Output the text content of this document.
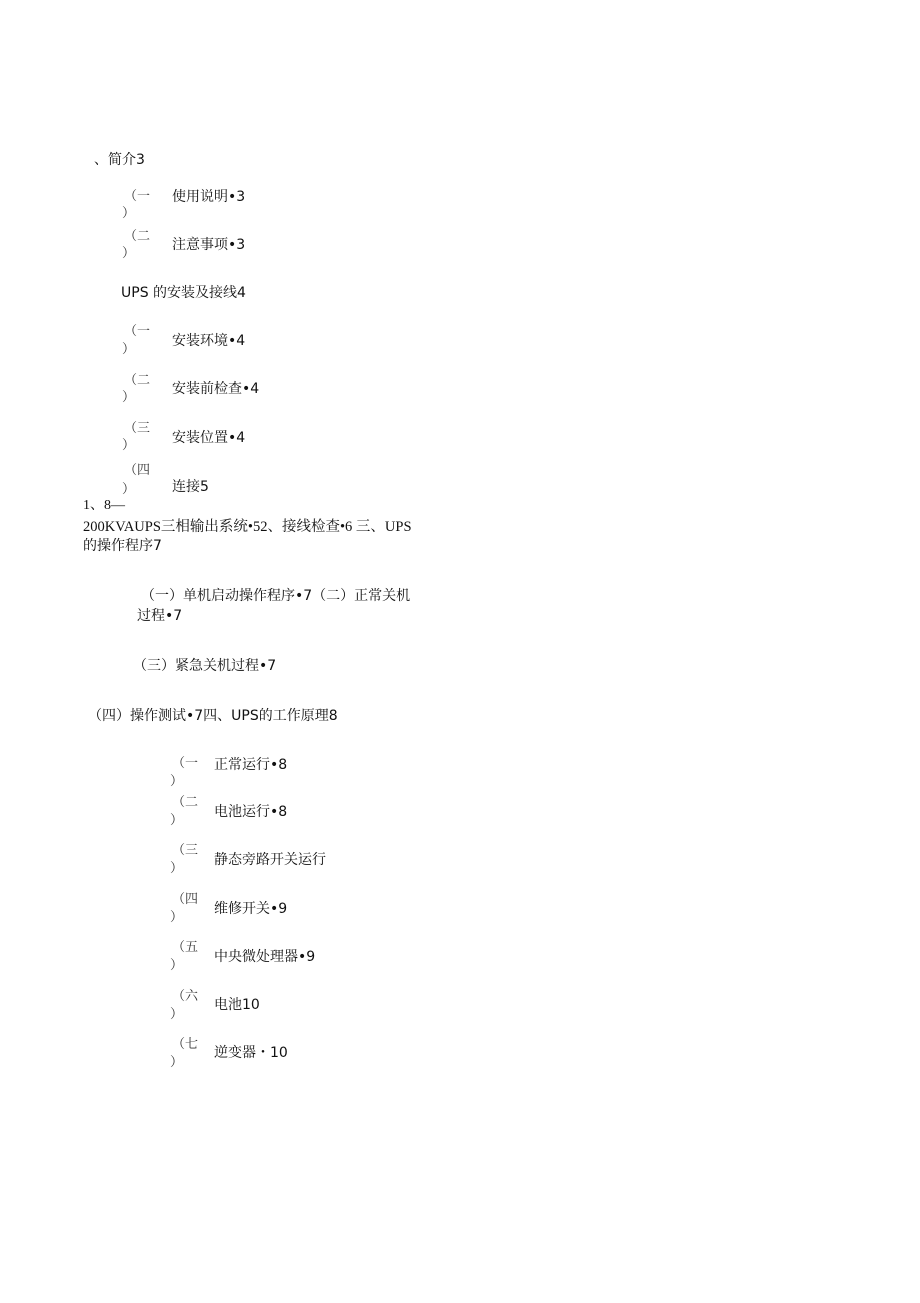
、简介3
（一
）
使用说明•3
（二
）
注意事项•3
UPS 的安装及接线4
（一
）
安装环境•4
（二
）
安装前检查•4
（三
）	安装位置•4
（四
）	连接5
1、8—
200KVAUPS三相输出系统•52、接线检查•6 三、UPS
的操作程序7
（一）单机启动操作程序•7（二）正常关机
过程•7
（三）紧急关机过程•7
（四）操作测试•7四、UPS的工作原理8
（一
）
正常运行•8
（二
）
电池运行•8
（三
）
静态旁路开关运行
（四
）
维修开关•9
（五
）
中央微处理器•9
（六
）
电池10
（七
）
逆变器・10
